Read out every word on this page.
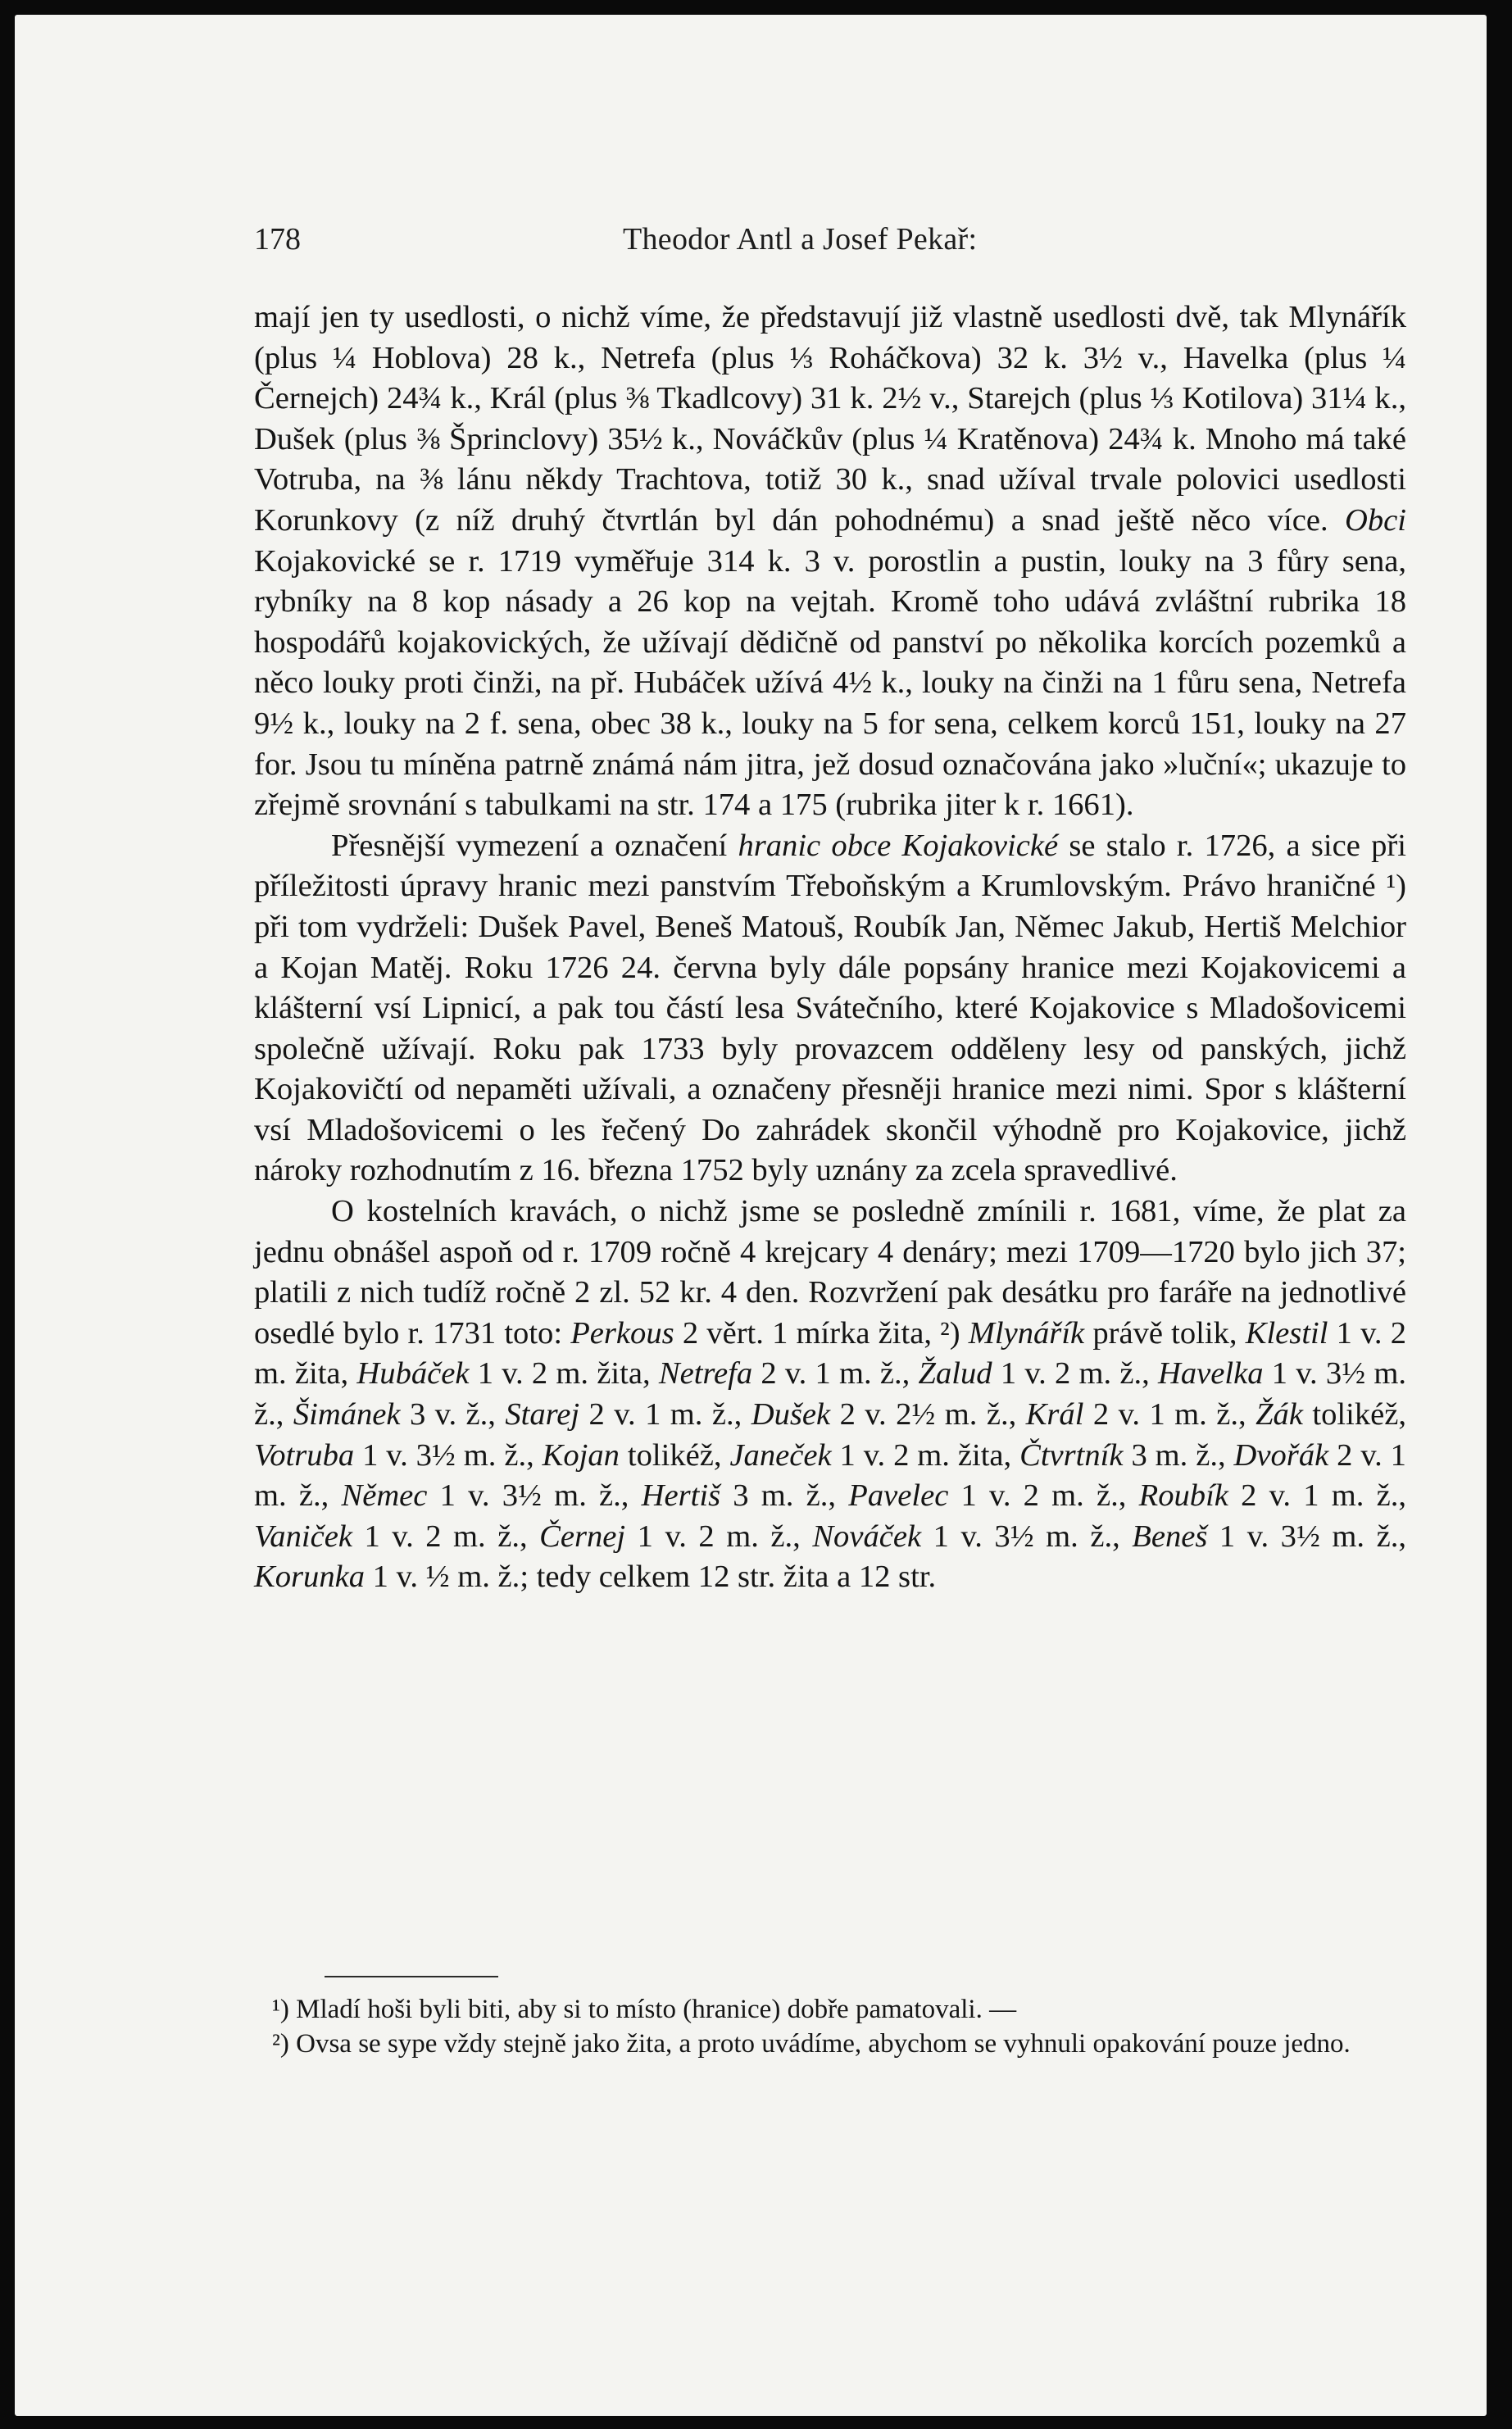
178	Theodor Antl a Josef Pekař:

mají jen ty usedlosti, o nichž víme, že představují již vlastně usedlosti dvě, tak Mlynářík (plus ¼ Hoblova) 28 k., Netrefa (plus ⅓ Roháčkova) 32 k. 3½ v., Havelka (plus ¼ Černejch) 24¾ k., Král (plus ⅜ Tkadlcovy) 31 k. 2½ v., Starejch (plus ⅓ Kotilova) 31¼ k., Dušek (plus ⅜ Šprinclovy) 35½ k., Nováčkův (plus ¼ Kratěnova) 24¾ k. Mnoho má také Votruba, na ⅜ lánu někdy Trachtova, totiž 30 k., snad užíval trvale polovici usedlosti Korunkovy (z níž druhý čtvrtlán byl dán pohodnému) a snad ještě něco více. Obci Kojakovické se r. 1719 vyměřuje 314 k. 3 v. porostlin a pustin, louky na 3 fůry sena, rybníky na 8 kop násady a 26 kop na vejtah. Kromě toho udává zvláštní rubrika 18 hospodářů kojakovických, že užívají dědičně od panství po několika korcích pozemků a něco louky proti činži, na př. Hubáček užívá 4½ k., louky na činži na 1 fůru sena, Netrefa 9½ k., louky na 2 f. sena, obec 38 k., louky na 5 for sena, celkem korců 151, louky na 27 for. Jsou tu míněna patrně známá nám jitra, jež dosud označována jako »luční«; ukazuje to zřejmě srovnání s tabulkami na str. 174 a 175 (rubrika jiter k r. 1661).

Přesnější vymezení a označení hranic obce Kojakovické se stalo r. 1726, a sice při příležitosti úpravy hranic mezi panstvím Třeboňským a Krumlovským. Právo hraničné ¹) při tom vydrželi: Dušek Pavel, Beneš Matouš, Roubík Jan, Němec Jakub, Hertiš Melchior a Kojan Matěj. Roku 1726 24. června byly dále popsány hranice mezi Kojakovicemi a klášterní vsí Lipnicí, a pak tou částí lesa Svátečního, které Kojakovice s Mladošovicemi společně užívají. Roku pak 1733 byly provazcem odděleny lesy od panských, jichž Kojakovičtí od nepaměti užívali, a označeny přesněji hranice mezi nimi. Spor s klášterní vsí Mladošovicemi o les řečený Do zahrádek skončil výhodně pro Kojakovice, jichž nároky rozhodnutím z 16. března 1752 byly uznány za zcela spravedlivé.

O kostelních kravách, o nichž jsme se posledně zmínili r. 1681, víme, že plat za jednu obnášel aspoň od r. 1709 ročně 4 krejcary 4 denáry; mezi 1709—1720 bylo jich 37; platili z nich tudíž ročně 2 zl. 52 kr. 4 den. Rozvržení pak desátku pro faráře na jednotlivé osedlé bylo r. 1731 toto: Perkous 2 věrt. 1 mírka žita, ²) Mlynářík právě tolik, Klestil 1 v. 2 m. žita, Hubáček 1 v. 2 m. žita, Netrefa 2 v. 1 m. ž., Žalud 1 v. 2 m. ž., Havelka 1 v. 3½ m. ž., Šimánek 3 v. ž., Starej 2 v. 1 m. ž., Dušek 2 v. 2½ m. ž., Král 2 v. 1 m. ž., Žák tolikéž, Votruba 1 v. 3½ m. ž., Kojan tolikéž, Janeček 1 v. 2 m. žita, Čtvrtník 3 m. ž., Dvořák 2 v. 1 m. ž., Němec 1 v. 3½ m. ž., Hertiš 3 m. ž., Pavelec 1 v. 2 m. ž., Roubík 2 v. 1 m. ž., Vaniček 1 v. 2 m. ž., Černej 1 v. 2 m. ž., Nováček 1 v. 3½ m. ž., Beneš 1 v. 3½ m. ž., Korunka 1 v. ½ m. ž.; tedy celkem 12 str. žita a 12 str.

¹) Mladí hoši byli biti, aby si to místo (hranice) dobře pamatovali. —

²) Ovsa se sype vždy stejně jako žita, a proto uvádíme, abychom se vyhnuli opakování pouze jedno.
